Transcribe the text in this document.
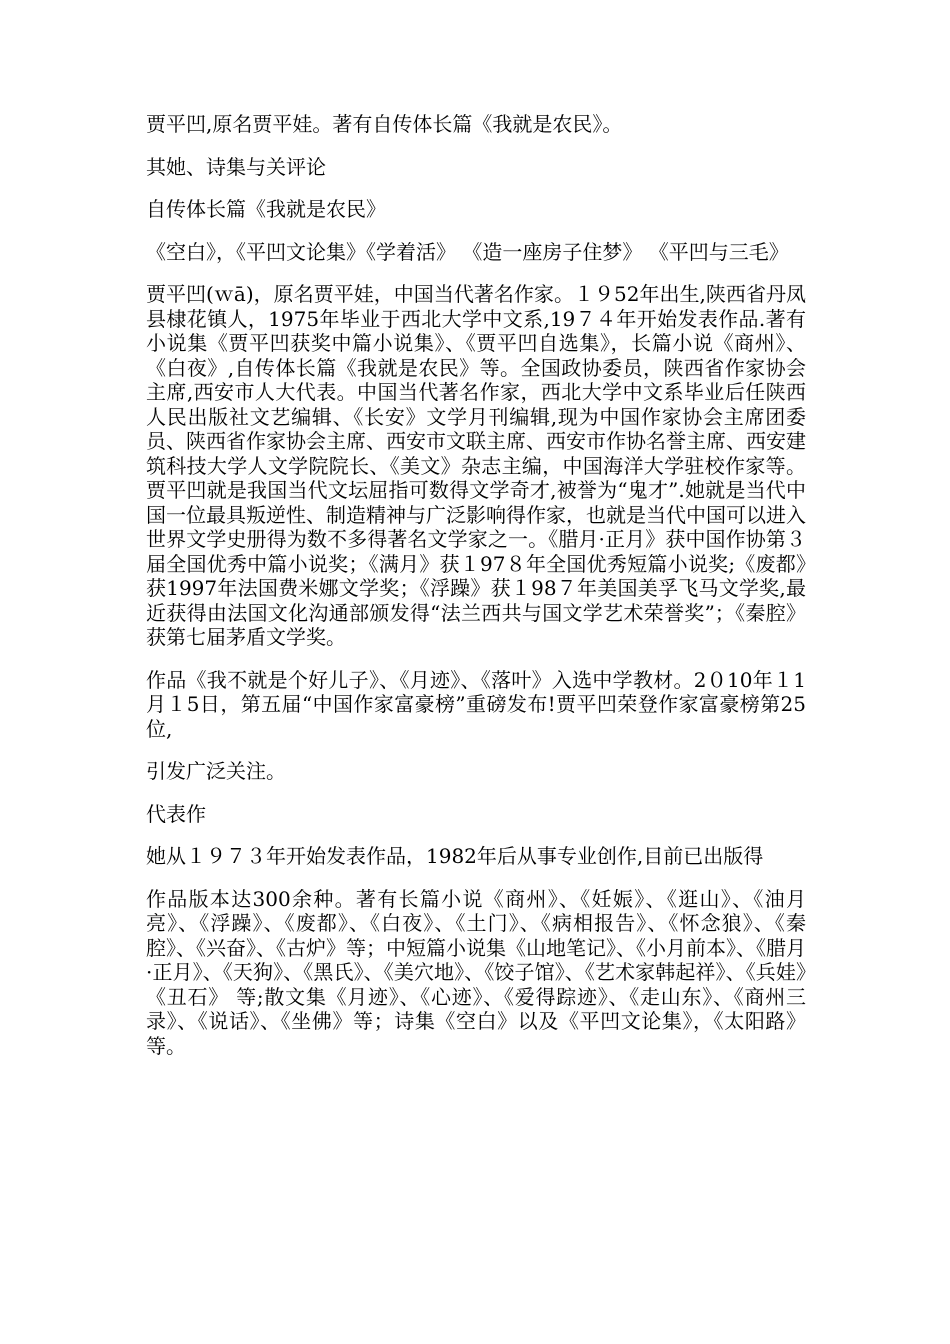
贾平凹,原名贾平娃。著有自传体长篇《我就是农民》。

其她、诗集与关评论

自传体长篇《我就是农民》

《空白》，《平凹文论集》《学着活》 《造一座房子住梦》 《平凹与三毛》

贾平凹(ｗā)，原名贾平娃，中国当代著名作家。１９52年出生,陕西省丹凤县棣花镇人，1975年毕业于西北大学中文系,19７４年开始发表作品.著有小说集《贾平凹获奖中篇小说集》、《贾平凹自选集》，长篇小说《商州》、《白夜》,自传体长篇《我就是农民》等。全国政协委员，陕西省作家协会主席,西安市人大代表。中国当代著名作家，西北大学中文系毕业后任陕西人民出版社文艺编辑、《长安》文学月刊编辑,现为中国作家协会主席团委员、陕西省作家协会主席、西安市文联主席、西安市作协名誉主席、西安建筑科技大学人文学院院长、《美文》杂志主编，中国海洋大学驻校作家等。贾平凹就是我国当代文坛屈指可数得文学奇才,被誉为“鬼才”.她就是当代中国一位最具叛逆性、制造精神与广泛影响得作家，也就是当代中国可以进入世界文学史册得为数不多得著名文学家之一。《腊月·正月》获中国作协第３届全国优秀中篇小说奖；《满月》获１97８年全国优秀短篇小说奖;《废都》获1997年法国费米娜文学奖；《浮躁》获１98７年美国美孚飞马文学奖,最近获得由法国文化沟通部颁发得“法兰西共与国文学艺术荣誉奖”；《秦腔》获第七届茅盾文学奖。

作品《我不就是个好儿子》、《月迹》、《落叶》入选中学教材。2０10年１1月１5日，第五届“中国作家富豪榜”重磅发布!贾平凹荣登作家富豪榜第25位,

引发广泛关注。

代表作

她从１９７３年开始发表作品，1982年后从事专业创作,目前已出版得

作品版本达300余种。著有长篇小说《商州》、《妊娠》、《逛山》、《油月亮》、《浮躁》、《废都》、《白夜》、《土门》、《病相报告》、《怀念狼》、《秦腔》、《兴奋》、《古炉》等；中短篇小说集《山地笔记》、《小月前本》、《腊月·正月》、《天狗》、《黑氏》、《美穴地》、《饺子馆》、《艺术家韩起祥》、《兵娃》《丑石》 等;散文集《月迹》、《心迹》、《爱得踪迹》、《走山东》、《商州三录》、《说话》、《坐佛》等；诗集《空白》以及《平凹文论集》，《太阳路》等。
